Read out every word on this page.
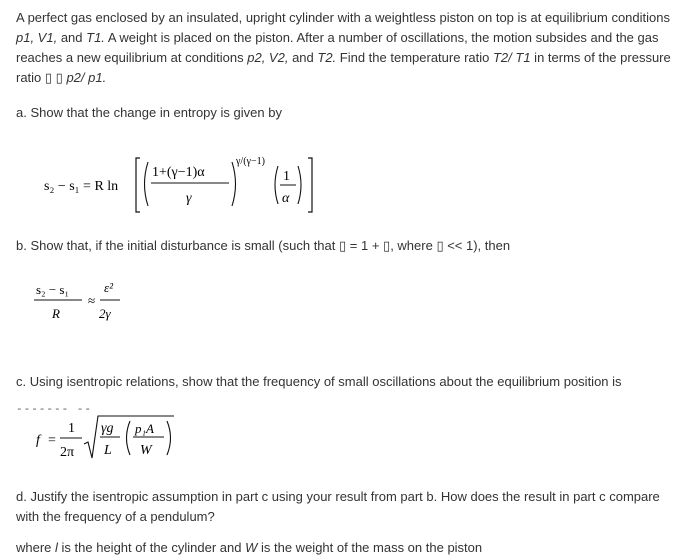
A perfect gas enclosed by an insulated, upright cylinder with a weightless piston on top is at equilibrium conditions p1, V1, and T1. A weight is placed on the piston. After a number of oscillations, the motion subsides and the gas reaches a new equilibrium at conditions p2, V2, and T2. Find the temperature ratio T2/ T1 in terms of the pressure ratio ▯ ▯ p2/ p1.

a. Show that the change in entropy is given by

s₂ − s₁ = R ln
1+(γ−1)α
γ
γ/(γ−1)
1
α

b. Show that, if the initial disturbance is small (such that ▯ = 1 + ▯, where ▯ << 1), then

s₂ − s₁
R
≈
ε²
2γ

c. Using isentropic relations, show that the frequency of small oscillations about the equilibrium position is

------- --
f =
1
2π
γg
L
p₁A
W

d. Justify the isentropic assumption in part c using your result from part b. How does the result in part c compare with the frequency of a pendulum?

where l is the height of the cylinder and W is the weight of the mass on the piston
